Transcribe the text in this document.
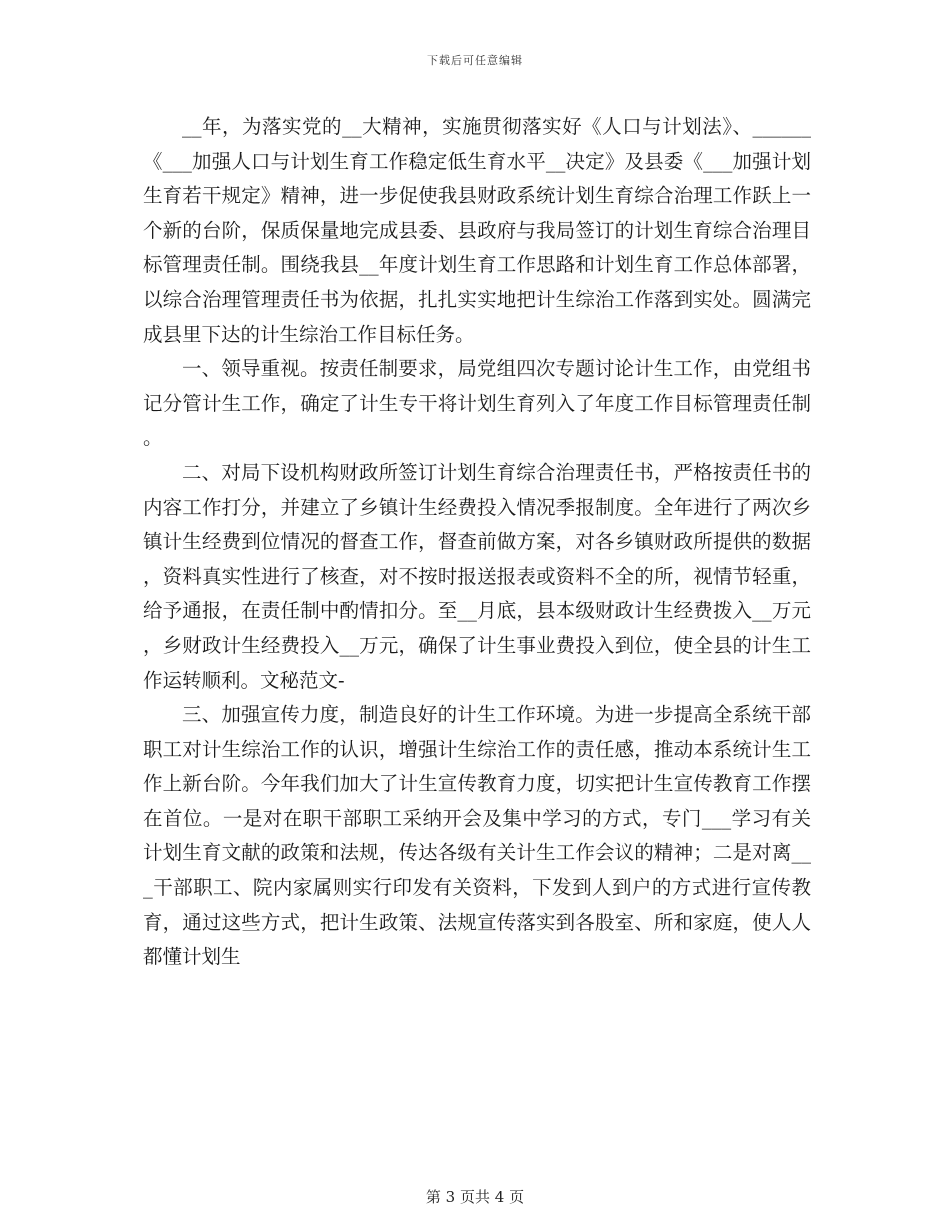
下载后可任意编辑

__年，为落实党的__大精神，实施贯彻落实好《人口与计划法》、______《___加强人口与计划生育工作稳定低生育水平__决定》及县委《___加强计划生育若干规定》精神，进一步促使我县财政系统计划生育综合治理工作跃上一个新的台阶，保质保量地完成县委、县政府与我局签订的计划生育综合治理目标管理责任制。围绕我县__年度计划生育工作思路和计划生育工作总体部署，以综合治理管理责任书为依据，扎扎实实地把计生综治工作落到实处。圆满完成县里下达的计生综治工作目标任务。

一、领导重视。按责任制要求，局党组四次专题讨论计生工作，由党组书记分管计生工作，确定了计生专干将计划生育列入了年度工作目标管理责任制。

二、对局下设机构财政所签订计划生育综合治理责任书，严格按责任书的内容工作打分，并建立了乡镇计生经费投入情况季报制度。全年进行了两次乡镇计生经费到位情况的督查工作，督查前做方案，对各乡镇财政所提供的数据，资料真实性进行了核查，对不按时报送报表或资料不全的所，视情节轻重，给予通报，在责任制中酌情扣分。至__月底，县本级财政计生经费拨入__万元，乡财政计生经费投入__万元，确保了计生事业费投入到位，使全县的计生工作运转顺利。文秘范文-

三、加强宣传力度，制造良好的计生工作环境。为进一步提高全系统干部职工对计生综治工作的认识，增强计生综治工作的责任感，推动本系统计生工作上新台阶。今年我们加大了计生宣传教育力度，切实把计生宣传教育工作摆在首位。一是对在职干部职工采纳开会及集中学习的方式，专门___学习有关计划生育文献的政策和法规，传达各级有关计生工作会议的精神；二是对离___干部职工、院内家属则实行印发有关资料，下发到人到户的方式进行宣传教育，通过这些方式，把计生政策、法规宣传落实到各股室、所和家庭，使人人都懂计划生

第 3 页共 4 页
